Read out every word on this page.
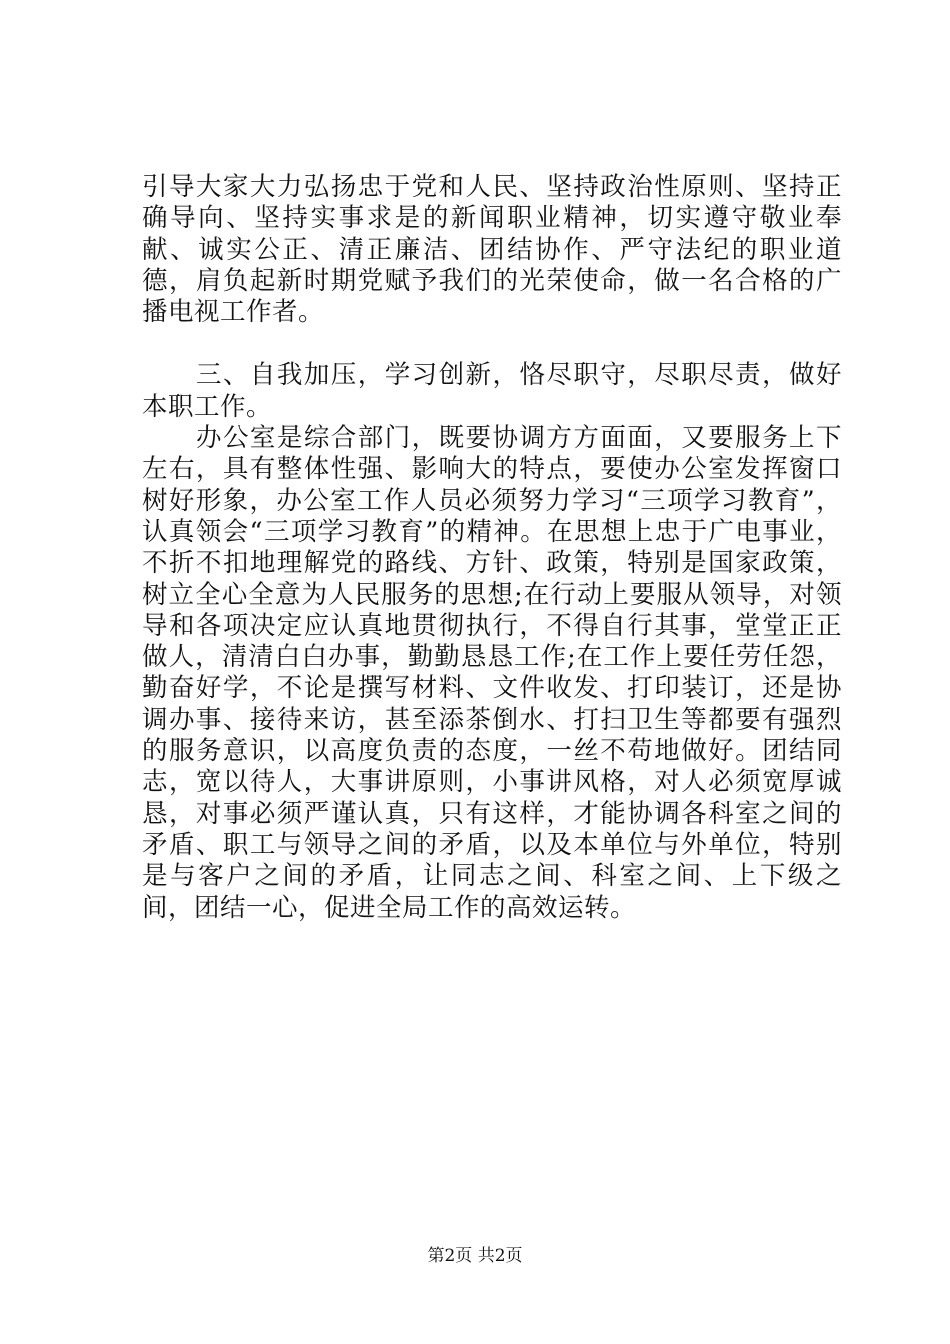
引导大家大力弘扬忠于党和人民、坚持政治性原则、坚持正确导向、坚持实事求是的新闻职业精神，切实遵守敬业奉献、诚实公正、清正廉洁、团结协作、严守法纪的职业道德，肩负起新时期党赋予我们的光荣使命，做一名合格的广播电视工作者。

三、自我加压，学习创新，恪尽职守，尽职尽责，做好本职工作。

办公室是综合部门，既要协调方方面面，又要服务上下左右，具有整体性强、影响大的特点，要使办公室发挥窗口树好形象，办公室工作人员必须努力学习“三项学习教育”，认真领会“三项学习教育”的精神。在思想上忠于广电事业，不折不扣地理解党的路线、方针、政策，特别是国家政策，树立全心全意为人民服务的思想;在行动上要服从领导，对领导和各项决定应认真地贯彻执行，不得自行其事，堂堂正正做人，清清白白办事，勤勤恳恳工作;在工作上要任劳任怨，勤奋好学，不论是撰写材料、文件收发、打印装订，还是协调办事、接待来访，甚至添茶倒水、打扫卫生等都要有强烈的服务意识，以高度负责的态度，一丝不苟地做好。团结同志，宽以待人，大事讲原则，小事讲风格，对人必须宽厚诚恳，对事必须严谨认真，只有这样，才能协调各科室之间的矛盾、职工与领导之间的矛盾，以及本单位与外单位，特别是与客户之间的矛盾，让同志之间、科室之间、上下级之间，团结一心，促进全局工作的高效运转。

第2页 共2页
